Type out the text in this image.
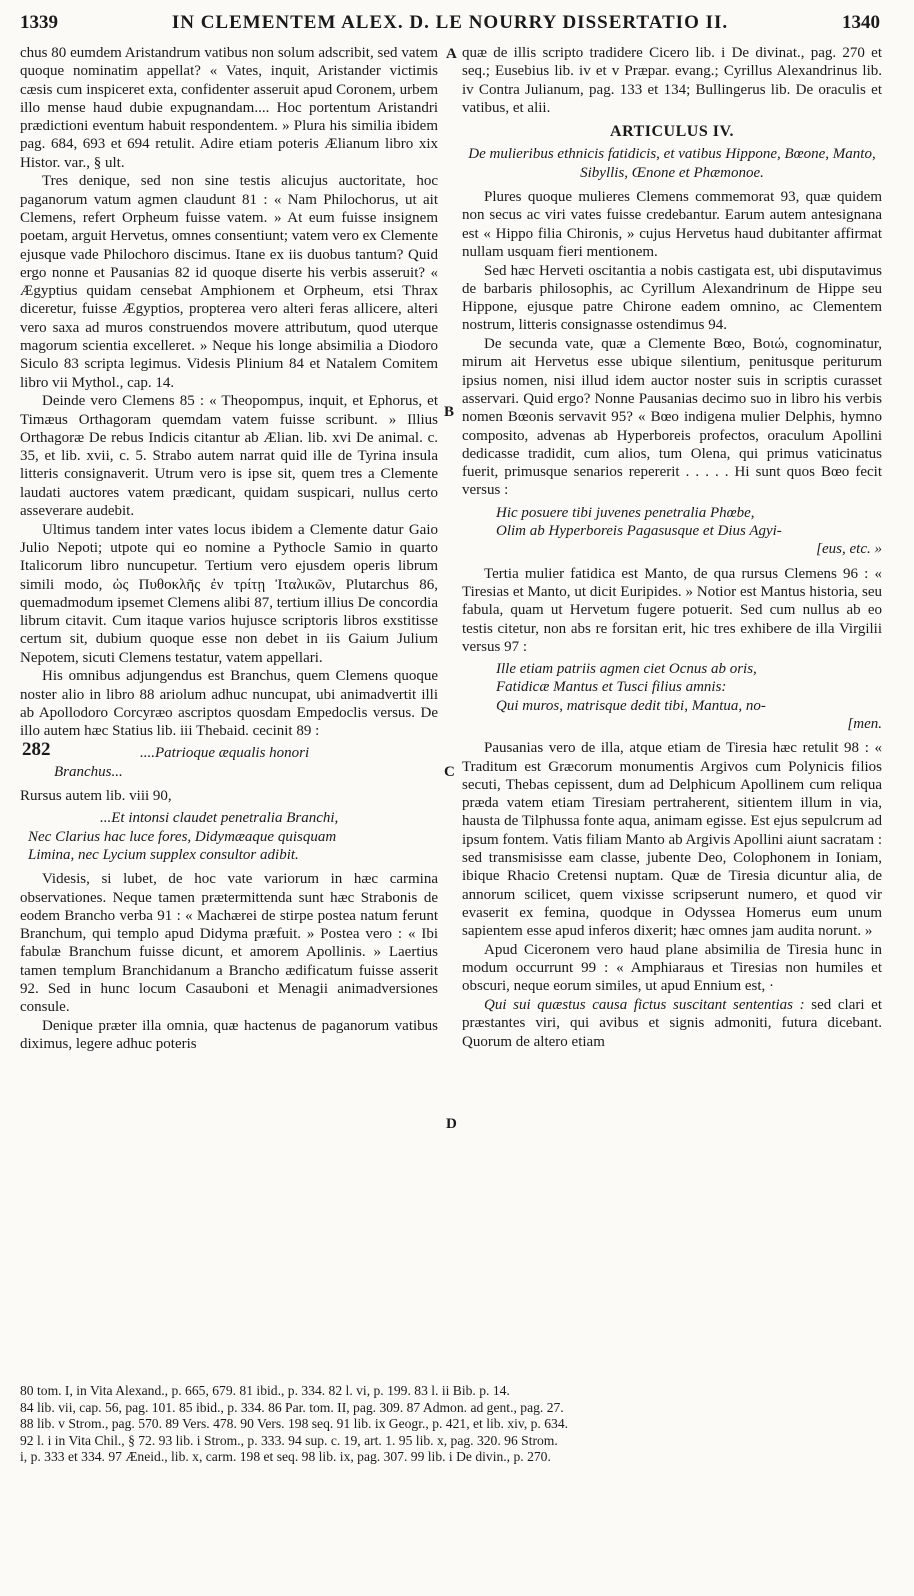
1339	IN CLEMENTEM ALEX. D. LE NOURRY DISSERTATIO II.	1340
A
B
C
D

chus 80 eumdem Aristandrum vatibus non solum adscribit, sed vatem quoque nominatim appellat? « Vates, inquit, Aristander victimis cæsis cum inspiceret exta, confidenter asseruit apud Coronem, urbem illo mense haud dubie expugnandam.... Hoc portentum Aristandri prædictioni eventum habuit respondentem. » Plura his similia ibidem pag. 684, 693 et 694 retulit. Adire etiam poteris Ælianum libro xix Histor. var., § ult.

Tres denique, sed non sine testis alicujus auctoritate, hoc paganorum vatum agmen claudunt 81 : « Nam Philochorus, ut ait Clemens, refert Orpheum fuisse vatem. » At eum fuisse insignem poetam, arguit Hervetus, omnes consentiunt; vatem vero ex Clemente ejusque vade Philochoro discimus. Itane ex iis duobus tantum? Quid ergo nonne et Pausanias 82 id quoque diserte his verbis asseruit? « Ægyptius quidam censebat Amphionem et Orpheum, etsi Thrax diceretur, fuisse Ægyptios, propterea vero alteri feras allicere, alteri vero saxa ad muros construendos movere attributum, quod uterque magorum scientia excelleret. » Neque his longe absimilia a Diodoro Siculo 83 scripta legimus. Videsis Plinium 84 et Natalem Comitem libro vii Mythol., cap. 14.

Deinde vero Clemens 85 : « Theopompus, inquit, et Ephorus, et Timæus Orthagoram quemdam vatem fuisse scribunt. » Illius Orthagoræ De rebus Indicis citantur ab Ælian. lib. xvi De animal. c. 35, et lib. xvii, c. 5. Strabo autem narrat quid ille de Tyrina insula litteris consignaverit. Utrum vero is ipse sit, quem tres a Clemente laudati auctores vatem prædicant, quidam suspicari, nullus certo asseverare audebit.

Ultimus tandem inter vates locus ibidem a Clemente datur Gaio Julio Nepoti; utpote qui eo nomine a Pythocle Samio in quarto Italicorum libro nuncupetur. Tertium vero ejusdem operis librum simili modo, ὡς Πυθοκλῆς ἐν τρίτῃ Ἰταλικῶν, Plutarchus 86, quemadmodum ipsemet Clemens alibi 87, tertium illius De concordia librum citavit. Cum itaque varios hujusce scriptoris libros exstitisse certum sit, dubium quoque esse non debet in iis Gaium Julium Nepotem, sicuti Clemens testatur, vatem appellari.

His omnibus adjungendus est Branchus, quem Clemens quoque noster alio in libro 88 ariolum adhuc nuncupat, ubi animadvertit illi ab Apollodoro Corcyræo ascriptos quosdam Empedoclis versus. De illo autem hæc Statius lib. iii Thebaid. cecinit 89 :

....Patrioque æqualis honori
Branchus...

Rursus autem lib. viii 90,

...Et intonsi claudet penetralia Branchi,
Nec Clarius hac luce fores, Didymæaque quisquam
Limina, nec Lycium supplex consultor adibit.

Videsis, si lubet, de hoc vate variorum in hæc carmina observationes. Neque tamen prætermittenda sunt hæc Strabonis de eodem Brancho verba 91 : « Machærei de stirpe postea natum ferunt Branchum, qui templo apud Didyma præfuit. » Postea vero : « Ibi fabulæ Branchum fuisse dicunt, et amorem Apollinis. » Laertius tamen templum Branchidanum a Brancho ædificatum fuisse asserit 92. Sed in hunc locum Casauboni et Menagii animadversiones consule.

Denique præter illa omnia, quæ hactenus de paganorum vatibus diximus, legere adhuc poteris

282

quæ de illis scripto tradidere Cicero lib. i De divinat., pag. 270 et seq.; Eusebius lib. iv et v Præpar. evang.; Cyrillus Alexandrinus lib. iv Contra Julianum, pag. 133 et 134; Bullingerus lib. De oraculis et vatibus, et alii.

ARTICULUS IV.
De mulieribus ethnicis fatidicis, et vatibus Hippone, Bœone, Manto, Sibyllis, Œnone et Phæmonoe.

Plures quoque mulieres Clemens commemorat 93, quæ quidem non secus ac viri vates fuisse credebantur. Earum autem antesignana est « Hippo filia Chironis, » cujus Hervetus haud dubitanter affirmat nullam usquam fieri mentionem.

Sed hæc Herveti oscitantia a nobis castigata est, ubi disputavimus de barbaris philosophis, ac Cyrillum Alexandrinum de Hippe seu Hippone, ejusque patre Chirone eadem omnino, ac Clementem nostrum, litteris consignasse ostendimus 94.

De secunda vate, quæ a Clemente Bœo, Βοιώ, cognominatur, mirum ait Hervetus esse ubique silentium, penitusque periturum ipsius nomen, nisi illud idem auctor noster suis in scriptis curasset asservari. Quid ergo? Nonne Pausanias decimo suo in libro his verbis nomen Bœonis servavit 95? « Bœo indigena mulier Delphis, hymno composito, advenas ab Hyperboreis profectos, oraculum Apollini dedicasse tradidit, cum alios, tum Olena, qui primus vaticinatus fuerit, primusque senarios repererit . . . . . Hi sunt quos Bœo fecit versus :

Hic posuere tibi juvenes penetralia Phœbe,
Olim ab Hyperboreis Pagasusque et Dius Agyi-
[eus, etc. »

Tertia mulier fatidica est Manto, de qua rursus Clemens 96 : « Tiresias et Manto, ut dicit Euripides. » Notior est Mantus historia, seu fabula, quam ut Hervetum fugere potuerit. Sed cum nullus ab eo testis citetur, non abs re forsitan erit, hic tres exhibere de illa Virgilii versus 97 :

Ille etiam patriis agmen ciet Ocnus ab oris,
Fatidicæ Mantus et Tusci filius amnis:
Qui muros, matrisque dedit tibi, Mantua, no-
[men.

Pausanias vero de illa, atque etiam de Tiresia hæc retulit 98 : « Traditum est Græcorum monumentis Argivos cum Polynicis filios secuti, Thebas cepissent, dum ad Delphicum Apollinem cum reliqua præda vatem etiam Tiresiam pertraherent, sitientem illum in via, hausta de Tilphussa fonte aqua, animam egisse. Est ejus sepulcrum ad ipsum fontem. Vatis filiam Manto ab Argivis Apollini aiunt sacratam : sed transmisisse eam classe, jubente Deo, Colophonem in Ioniam, ibique Rhacio Cretensi nuptam. Quæ de Tiresia dicuntur alia, de annorum scilicet, quem vixisse scripserunt numero, et quod vir evaserit ex femina, quodque in Odyssea Homerus eum unum sapientem esse apud inferos dixerit; hæc omnes jam audita norunt. »

Apud Ciceronem vero haud plane absimilia de Tiresia hunc in modum occurrunt 99 : « Amphiaraus et Tiresias non humiles et obscuri, neque eorum similes, ut apud Ennium est, ·

Qui sui quæstus causa fictus suscitant sententias : sed clari et præstantes viri, qui avibus et signis admoniti, futura dicebant. Quorum de altero etiam

80 tom. I, in Vita Alexand., p. 665, 679. 81 ibid., p. 334. 82 l. vi, p. 199. 83 l. ii Bib. p. 14.

84 lib. vii, cap. 56, pag. 101. 85 ibid., p. 334. 86 Par. tom. II, pag. 309. 87 Admon. ad gent., pag. 27.

88 lib. v Strom., pag. 570. 89 Vers. 478. 90 Vers. 198 seq. 91 lib. ix Geogr., p. 421, et lib. xiv, p. 634.

92 l. i in Vita Chil., § 72. 93 lib. i Strom., p. 333. 94 sup. c. 19, art. 1. 95 lib. x, pag. 320. 96 Strom.

i, p. 333 et 334. 97 Æneid., lib. x, carm. 198 et seq. 98 lib. ix, pag. 307. 99 lib. i De divin., p. 270.
